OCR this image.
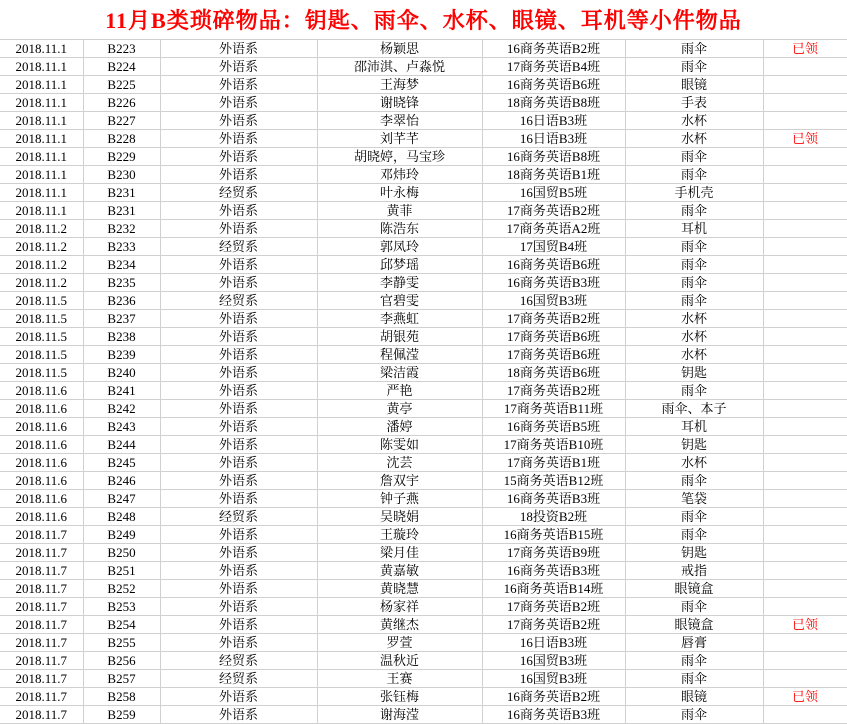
11月B类琐碎物品：钥匙、雨伞、水杯、眼镜、耳机等小件物品						
2018.11.1	B223	外语系	杨颖思	16商务英语B2班	雨伞	已领
2018.11.1	B224	外语系	邵沛淇、卢淼悦	17商务英语B4班	雨伞	
2018.11.1	B225	外语系	王海梦	16商务英语B6班	眼镜	
2018.11.1	B226	外语系	谢晓锋	18商务英语B8班	手表	
2018.11.1	B227	外语系	李翠怡	16日语B3班	水杯	
2018.11.1	B228	外语系	刘芊芊	16日语B3班	水杯	已领
2018.11.1	B229	外语系	胡晓婷，马宝珍	16商务英语B8班	雨伞	
2018.11.1	B230	外语系	邓炜玲	18商务英语B1班	雨伞	
2018.11.1	B231	经贸系	叶永梅	16国贸B5班	手机壳	
2018.11.1	B231	外语系	黄菲	17商务英语B2班	雨伞	
2018.11.2	B232	外语系	陈浩东	17商务英语A2班	耳机	
2018.11.2	B233	经贸系	郭凤玲	17国贸B4班	雨伞	
2018.11.2	B234	外语系	邱梦瑶	16商务英语B6班	雨伞	
2018.11.2	B235	外语系	李静雯	16商务英语B3班	雨伞	
2018.11.5	B236	经贸系	官碧雯	16国贸B3班	雨伞	
2018.11.5	B237	外语系	李燕虹	17商务英语B2班	水杯	
2018.11.5	B238	外语系	胡银苑	17商务英语B6班	水杯	
2018.11.5	B239	外语系	程佩滢	17商务英语B6班	水杯	
2018.11.5	B240	外语系	梁洁霞	18商务英语B6班	钥匙	
2018.11.6	B241	外语系	严艳	17商务英语B2班	雨伞	
2018.11.6	B242	外语系	黄亭	17商务英语B11班	雨伞、本子	
2018.11.6	B243	外语系	潘婷	16商务英语B5班	耳机	
2018.11.6	B244	外语系	陈雯如	17商务英语B10班	钥匙	
2018.11.6	B245	外语系	沈芸	17商务英语B1班	水杯	
2018.11.6	B246	外语系	詹双宇	15商务英语B12班	雨伞	
2018.11.6	B247	外语系	钟子燕	16商务英语B3班	笔袋	
2018.11.6	B248	经贸系	吴晓娟	18投资B2班	雨伞	
2018.11.7	B249	外语系	王璇玲	16商务英语B15班	雨伞	
2018.11.7	B250	外语系	梁月佳	17商务英语B9班	钥匙	
2018.11.7	B251	外语系	黄嘉敏	16商务英语B3班	戒指	
2018.11.7	B252	外语系	黄晓慧	16商务英语B14班	眼镜盒	
2018.11.7	B253	外语系	杨家祥	17商务英语B2班	雨伞	
2018.11.7	B254	外语系	黄继杰	17商务英语B2班	眼镜盒	已领
2018.11.7	B255	外语系	罗萱	16日语B3班	唇膏	
2018.11.7	B256	经贸系	温秋近	16国贸B3班	雨伞	
2018.11.7	B257	经贸系	王赛	16国贸B3班	雨伞	
2018.11.7	B258	外语系	张钰梅	16商务英语B2班	眼镜	已领
2018.11.7	B259	外语系	谢海滢	16商务英语B3班	雨伞	
